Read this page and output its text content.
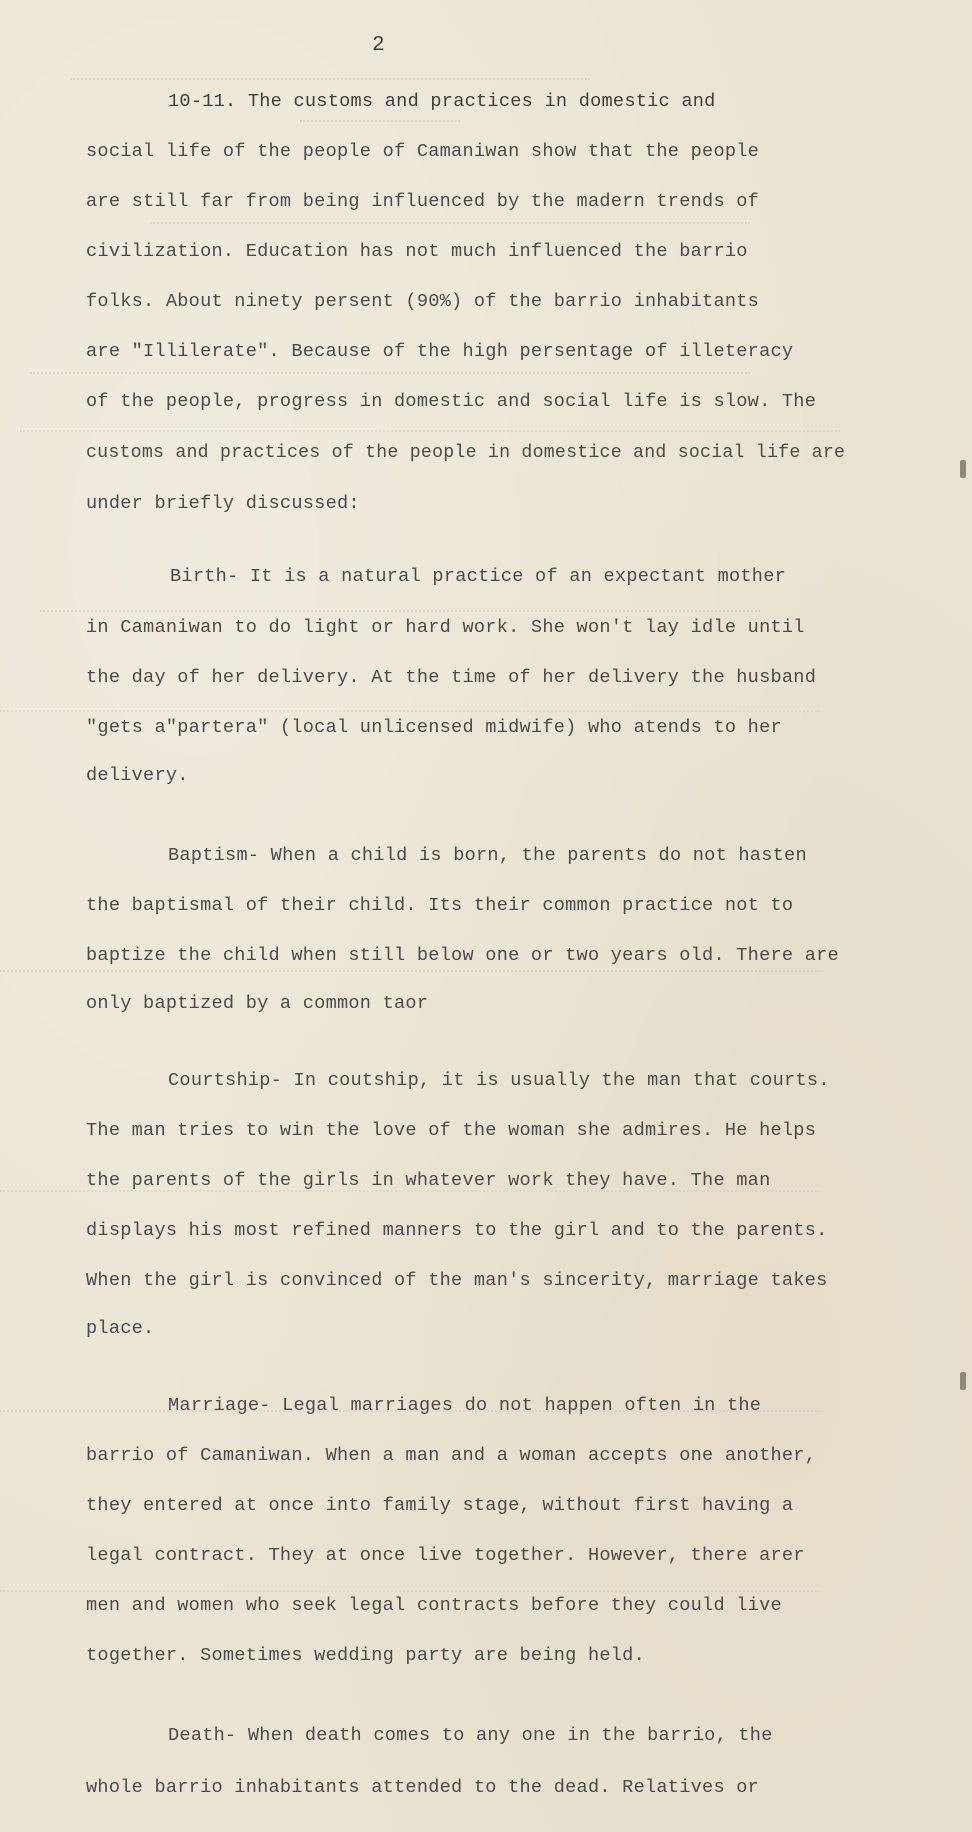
2
10-11. The customs and practices in domestic and
social life of the people of Camaniwan show that the people
are still far from being influenced by the madern trends of
civilization. Education has not much influenced the barrio
folks. About ninety persent (90%) of the barrio inhabitants
are "Illilerate". Because of the high persentage of illeteracy
of the people, progress in domestic and social life is slow. The
customs and practices of the people in domestice and social life are
under briefly discussed:
Birth- It is a natural practice of an expectant mother
in Camaniwan to do light or hard work. She won't lay idle until
the day of her delivery. At the time of her delivery the husband
"gets a"partera" (local unlicensed midwife) who atends to her
delivery.
Baptism- When a child is born, the parents do not hasten
the baptismal of their child. Its their common practice not to
baptize the child when still below one or two years old. There are
only baptized by a common taor
Courtship- In coutship, it is usually the man that courts.
The man tries to win the love of the woman she admires. He helps
the parents of the girls in whatever work they have. The man
displays his most refined manners to the girl and to the parents.
When the girl is convinced of the man's sincerity, marriage takes
place.
Marriage- Legal marriages do not happen often in the
barrio of Camaniwan. When a man and a woman accepts one another,
they entered at once into family stage, without first having a
legal contract. They at once live together. However, there arer
men and women who seek legal contracts before they could live
together. Sometimes wedding party are being held.
Death- When death comes to any one in the barrio, the
whole barrio inhabitants attended to the dead. Relatives or
